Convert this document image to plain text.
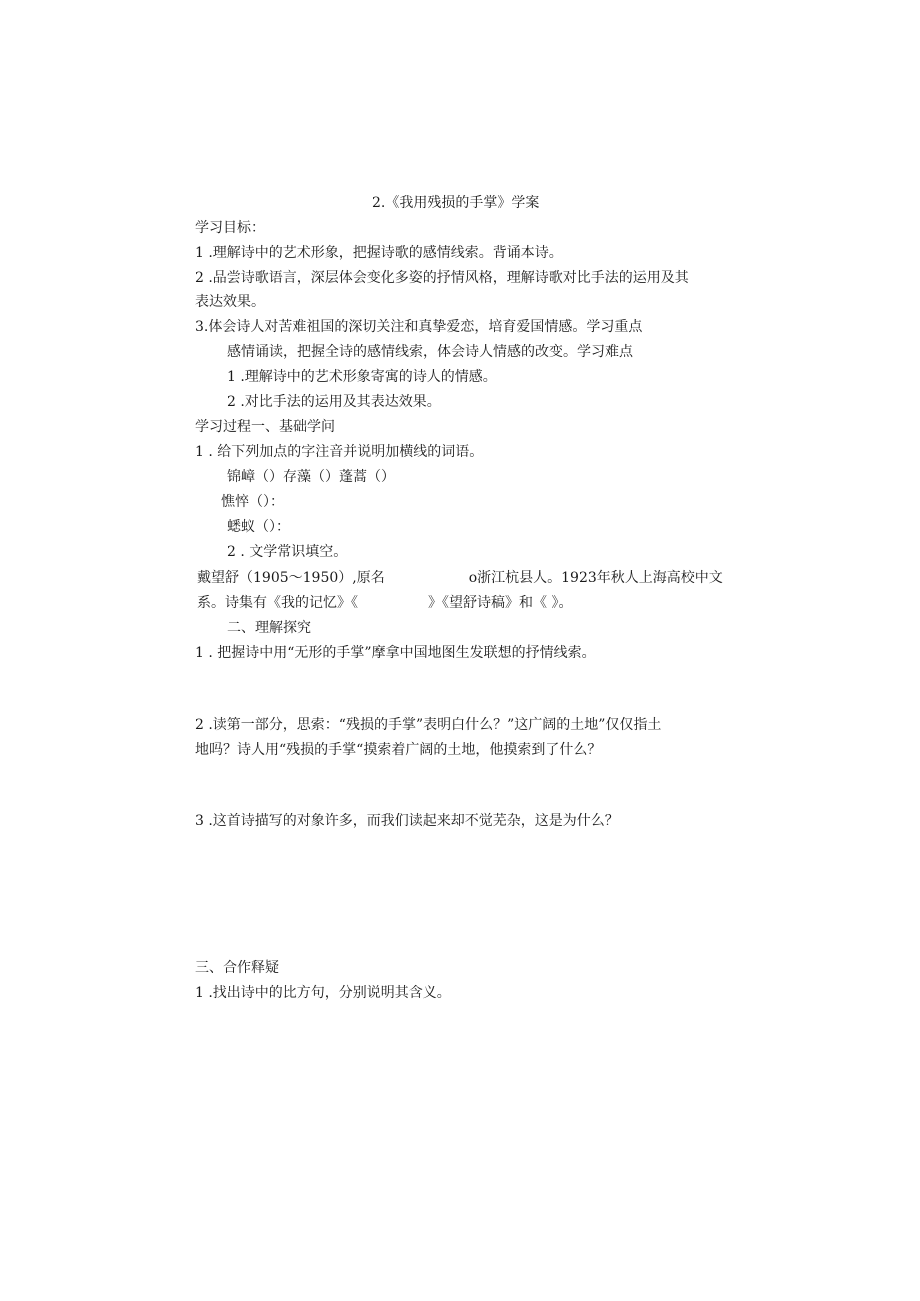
2.《我用残损的手掌》学案
学习目标：
1 .理解诗中的艺术形象，把握诗歌的感情线索。背诵本诗。
2 .品尝诗歌语言，深层体会变化多姿的抒情风格，理解诗歌对比手法的运用及其
表达效果。
3.体会诗人对苦难祖国的深切关注和真挚爱恋，培育爱国情感。学习重点
感情诵读，把握全诗的感情线索，体会诗人情感的改变。学习难点
1 .理解诗中的艺术形象寄寓的诗人的情感。
2 .对比手法的运用及其表达效果。
学习过程一、基础学问
1 . 给下列加点的字注音并说明加横线的词语。
锦嶂（）存藻（）蓬蒿（）
憔悴（）：
蟋蚁（）：
2 . 文学常识填空。
戴望舒（1905～1950）,原名	o浙江杭县人。1923年秋人上海高校中文
系。诗集有《我的记忆》《	》《望舒诗稿》和《 》。
二、理解探究
1 . 把握诗中用“无形的手掌”摩拿中国地图生发联想的抒情线索。
2 .读第一部分，思索：“残损的手掌”表明白什么？”这广阔的土地”仅仅指土
地吗？诗人用“残损的手掌“摸索着广阔的土地，他摸索到了什么？
3 .这首诗描写的对象许多，而我们读起来却不觉芜杂，这是为什么？
三、合作释疑
1 .找出诗中的比方句，分别说明其含义。
